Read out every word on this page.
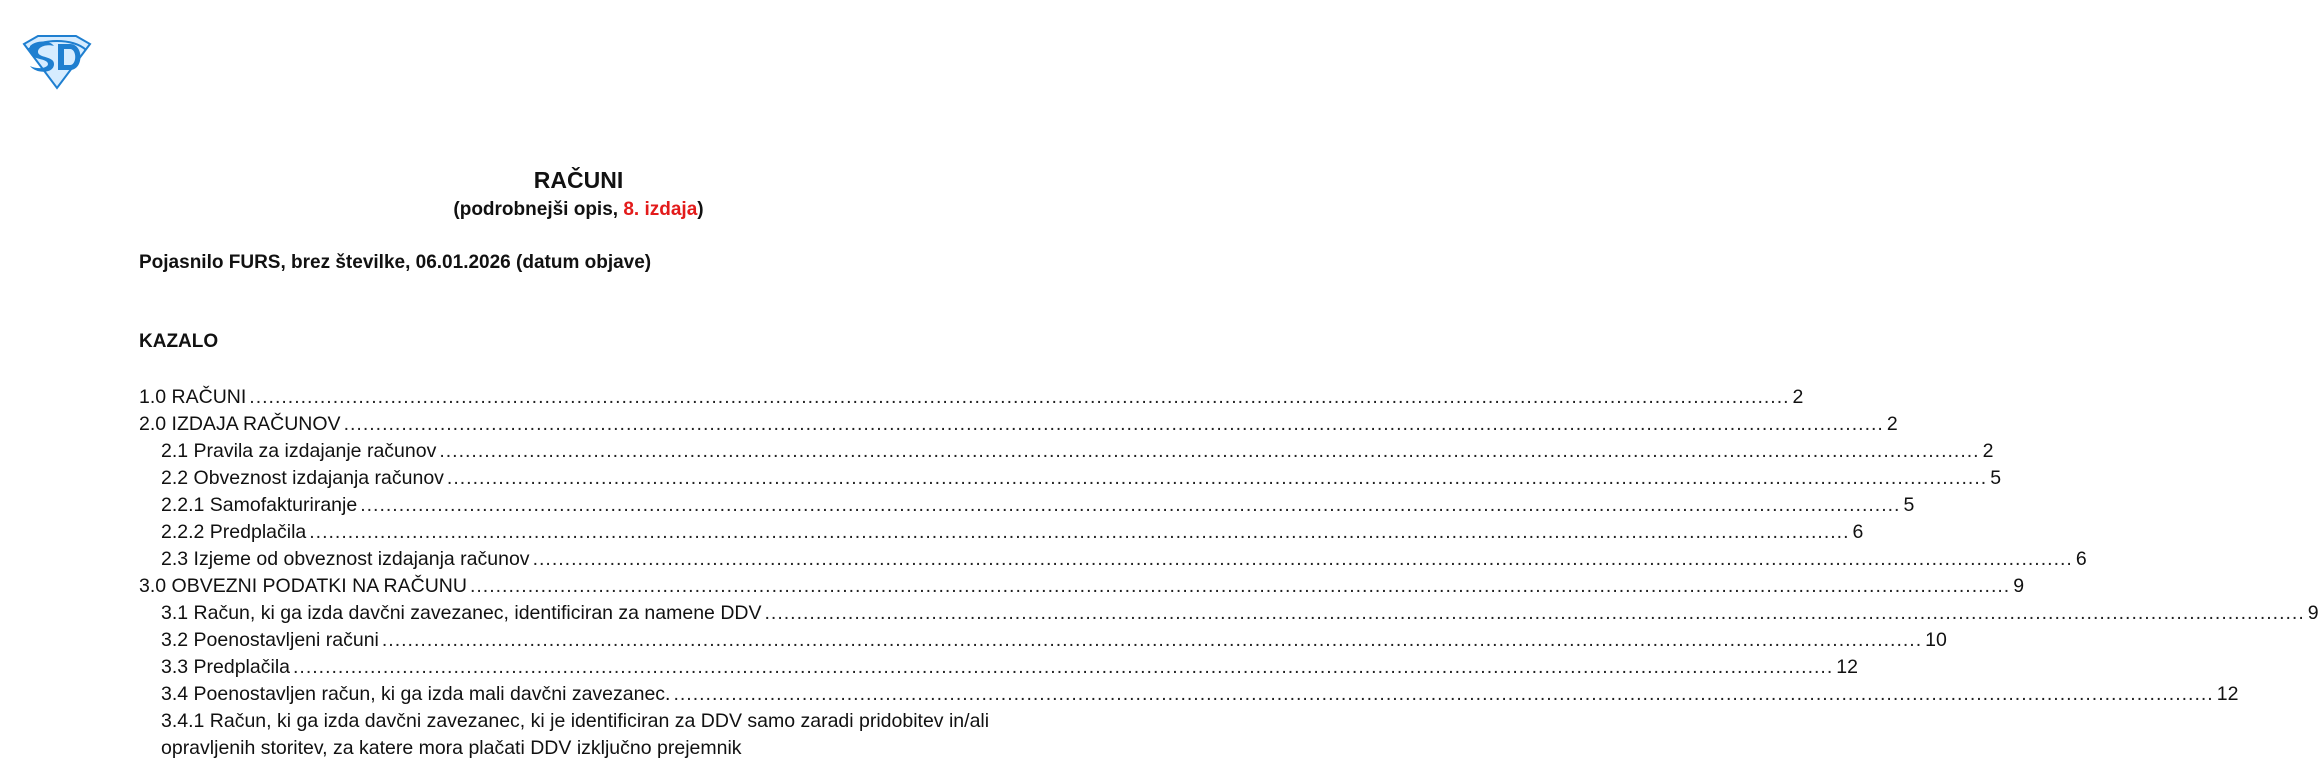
RAČUNI
(podrobnejši opis, 8. izdaja)
Pojasnilo FURS, brez številke, 06.01.2026 (datum objave)
KAZALO
1.0 RAČUNI .....	2
2.0 IZDAJA RAČUNOV .....	2
2.1 Pravila za izdajanje računov .....	2
2.2 Obveznost izdajanja računov .....	5
2.2.1 Samofakturiranje .....	5
2.2.2 Predplačila .....	6
2.3 Izjeme od obveznost izdajanja računov .....	6
3.0 OBVEZNI PODATKI NA RAČUNU .....	9
3.1 Račun, ki ga izda davčni zavezanec, identificiran za namene DDV .....	9
3.2 Poenostavljeni računi .....	10
3.3 Predplačila .....	12
3.4 Poenostavljen račun, ki ga izda mali davčni zavezanec. .....	12
3.4.1 Račun, ki ga izda davčni zavezanec, ki je identificiran za DDV samo zaradi pridobitev in/ali opravljenih storitev, za katere mora plačati DDV izključno prejemnik
